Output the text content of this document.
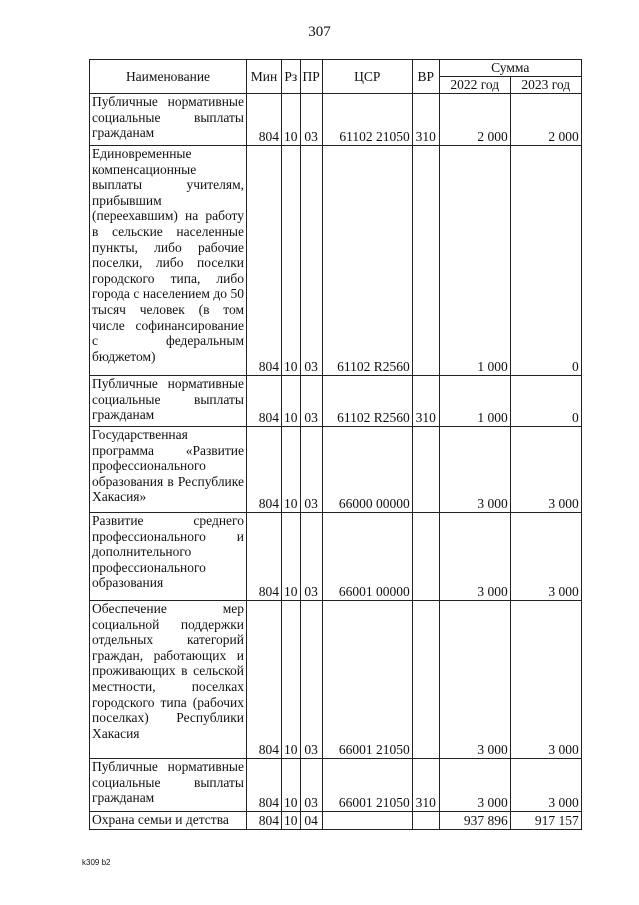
307
Наименование	Мин	Рз	ПР	ЦСР	ВР	Сумма	
						2022 год	2023 год
Публичные нормативные социальные выплаты гражданам	804	10	03	61102 21050	310	2 000	2 000
Единовременные компенсационные выплаты учителям, прибывшим (переехавшим) на работу в сельские населенные пункты, либо рабочие поселки, либо поселки городского типа, либо города с населением до 50 тысяч человек (в том числе софинансирование с федеральным бюджетом)	804	10	03	61102 R2560		1 000	0
Публичные нормативные социальные выплаты гражданам	804	10	03	61102 R2560	310	1 000	0
Государственная программа «Развитие профессионального образования в Республике Хакасия»	804	10	03	66000 00000		3 000	3 000
Развитие среднего профессионального и дополнительного профессионального образования	804	10	03	66001 00000		3 000	3 000
Обеспечение мер социальной поддержки отдельных категорий граждан, работающих и проживающих в сельской местности, поселках городского типа (рабочих поселках) Республики Хакасия	804	10	03	66001 21050		3 000	3 000
Публичные нормативные социальные выплаты гражданам	804	10	03	66001 21050	310	3 000	3 000
Охрана семьи и детства	804	10	04			937 896	917 157
k309 b2
